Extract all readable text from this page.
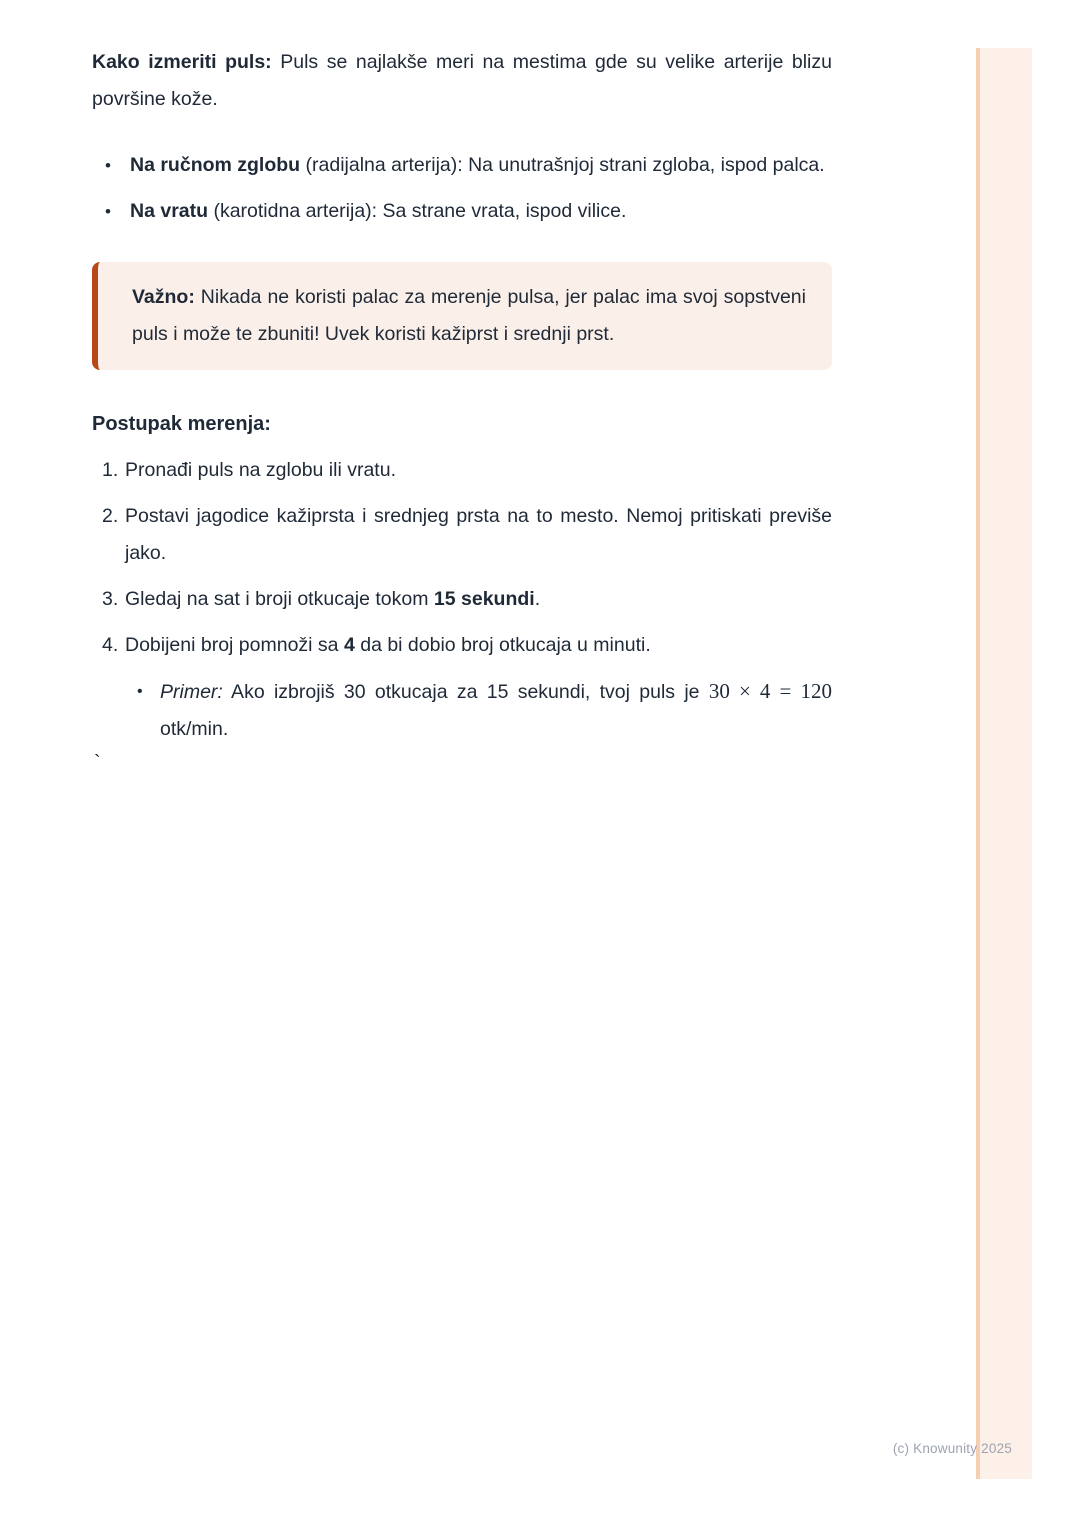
Kako izmeriti puls: Puls se najlakše meri na mestima gde su velike arterije blizu površine kože.

• Na ručnom zglobu (radijalna arterija): Na unutrašnjoj strani zgloba, ispod palca.
• Na vratu (karotidna arterija): Sa strane vrata, ispod vilice.

Važno: Nikada ne koristi palac za merenje pulsa, jer palac ima svoj sopstveni puls i može te zbuniti! Uvek koristi kažiprst i srednji prst.

Postupak merenja:

1. Pronađi puls na zglobu ili vratu.
2. Postavi jagodice kažiprsta i srednjeg prsta na to mesto. Nemoj pritiskati previše jako.
3. Gledaj na sat i broji otkucaje tokom 15 sekundi.
4. Dobijeni broj pomnoži sa 4 da bi dobio broj otkucaja u minuti.
• Primer: Ako izbrojiš 30 otkucaja za 15 sekundi, tvoj puls je 30 × 4 = 120 otk/min.
`
(c) Knowunity 2025
